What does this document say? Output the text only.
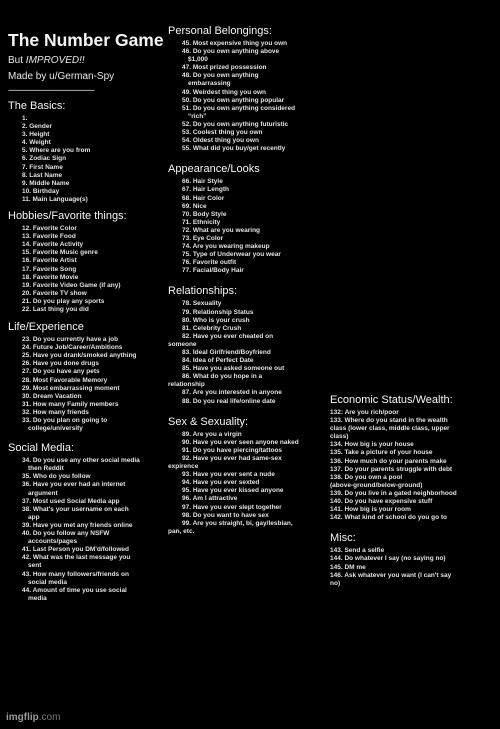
The Number Game
But IMPROVED!!
Made by u/German-Spy
-------------------------------------------
The Basics:
1.
2. Gender
3. Height
4. Weight
5. Where are you from
6. Zodiac Sign
7. First Name
8. Last Name
9. Middle Name
10. Birthday
11. Main Language(s)
Hobbies/Favorite things:
12. Favorite Color
13. Favorite Food
14. Favorite Activity
15. Favorite Music genre
16. Favorite Artist
17. Favorite Song
18. Favorite Movie
19. Favorite Video Game (if any)
20. Favorite TV show
21. Do you play any sports
22. Last thing you did
Life/Experience
23. Do you currently have a job
24. Future Job/Career/Ambitions
25. Have you drank/smoked anything
26. Have you done drugs
27. Do you have any pets
28. Most Favorable Memory
29. Most embarrassing moment
30. Dream Vacation
31. How many Family members
32. How many friends
33. Do you plan on going to
college/university
Social Media:
34. Do you use any other social media
then Reddit
35. Who do you follow
36. Have you ever had an internet
argument
37. Most used Social Media app
38. What's your username on each
app
39. Have you met any friends online
40. Do you follow any NSFW
accounts/pages
41. Last Person you DM'd/followed
42. What was the last message you
sent
43. How many followers/friends on
social media
44. Amount of time you use social
media
Personal Belongings:
45. Most expensive thing you own
46. Do you own anything above
$1,000
47. Most prized possession
48. Do you own anything
embarrassing
49. Weirdest thing you own
50. Do you own anything popular
51. Do you own anything considered
“rich”
52. Do you own anything futuristic
53. Coolest thing you own
54. Oldest thing you own
55. What did you buy/get recently
Appearance/Looks
66. Hair Style
67. Hair Length
68. Hair Color
69. Nice
70. Body Style
71. Ethnicity
72. What are you wearing
73. Eye Color
74. Are you wearing makeup
75. Type of Underwear you wear
76. Favorite outfit
77. Facial/Body Hair
Relationships:
78. Sexuality
79. Relationship Status
80. Who is your crush
81. Celebrity Crush
82. Have you ever cheated on
someone
83. Ideal Girlfriend/Boyfriend
84. Idea of Perfect Date
85. Have you asked someone out
86. What do you hope in a
relationship
87. Are you interested in anyone
88. Do you real life/online date
Sex & Sexuality:
89. Are you a virgin
90. Have you ever seen anyone naked
91. Do you have piercing/tattoos
92. Have you ever had same-sex
expirence
93. Have you ever sent a nude
94. Have you ever sexted
95. Have you ever kissed anyone
96. Am I attractive
97. Have you ever slept together
98. Do you want to have sex
99. Are you straight, bi, gay/lesbian,
pan, etc.
Economic Status/Wealth:
132: Are you rich/poor
133. Where do you stand in the wealth
class (lower class, middle class, upper
class)
134. How big is your house
135. Take a picture of your house
136. How much do your parents make
137. Do your parents struggle with debt
138. Do you own a pool
(above-ground/below-ground)
139. Do you live in a gated neighborhood
140. Do you have expensive stuff
141. How big is your room
142. What kind of school do you go to
Misc:
143. Send a selfie
144. Do whatever I say (no saying no)
145. DM me
146. Ask whatever you want (I can't say
no)
imgflip.com
